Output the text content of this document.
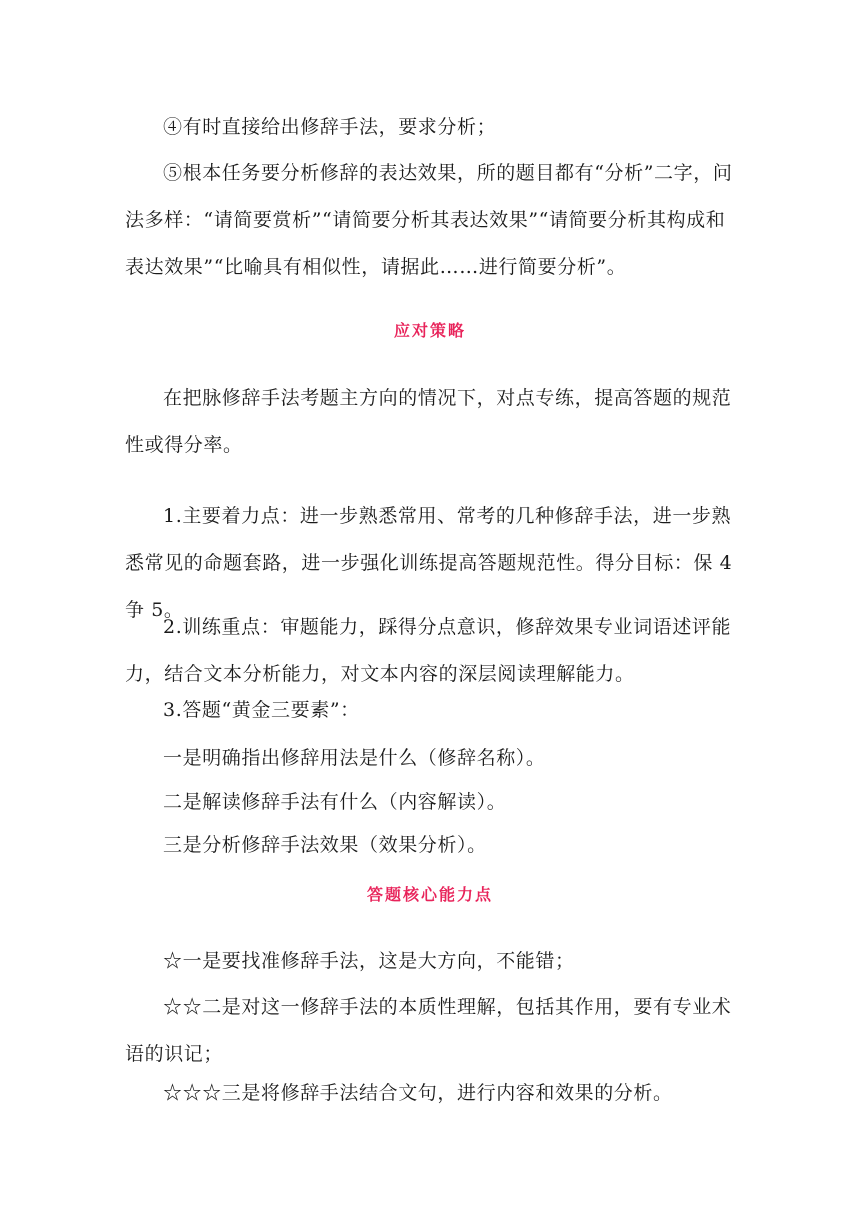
④有时直接给出修辞手法，要求分析；

⑤根本任务要分析修辞的表达效果，所的题目都有“分析”二字，问法多样：“请简要赏析”“请简要分析其表达效果”“请简要分析其构成和表达效果”“比喻具有相似性，请据此……进行简要分析”。

应对策略

在把脉修辞手法考题主方向的情况下，对点专练，提高答题的规范性或得分率。

1.主要着力点：进一步熟悉常用、常考的几种修辞手法，进一步熟悉常见的命题套路，进一步强化训练提高答题规范性。得分目标：保 4 争 5。

2.训练重点：审题能力，踩得分点意识，修辞效果专业词语述评能力，结合文本分析能力，对文本内容的深层阅读理解能力。

3.答题“黄金三要素”：

一是明确指出修辞用法是什么（修辞名称）。

二是解读修辞手法有什么（内容解读）。

三是分析修辞手法效果（效果分析）。

答题核心能力点

☆一是要找准修辞手法，这是大方向，不能错；

☆☆二是对这一修辞手法的本质性理解，包括其作用，要有专业术语的识记；

☆☆☆三是将修辞手法结合文句，进行内容和效果的分析。
